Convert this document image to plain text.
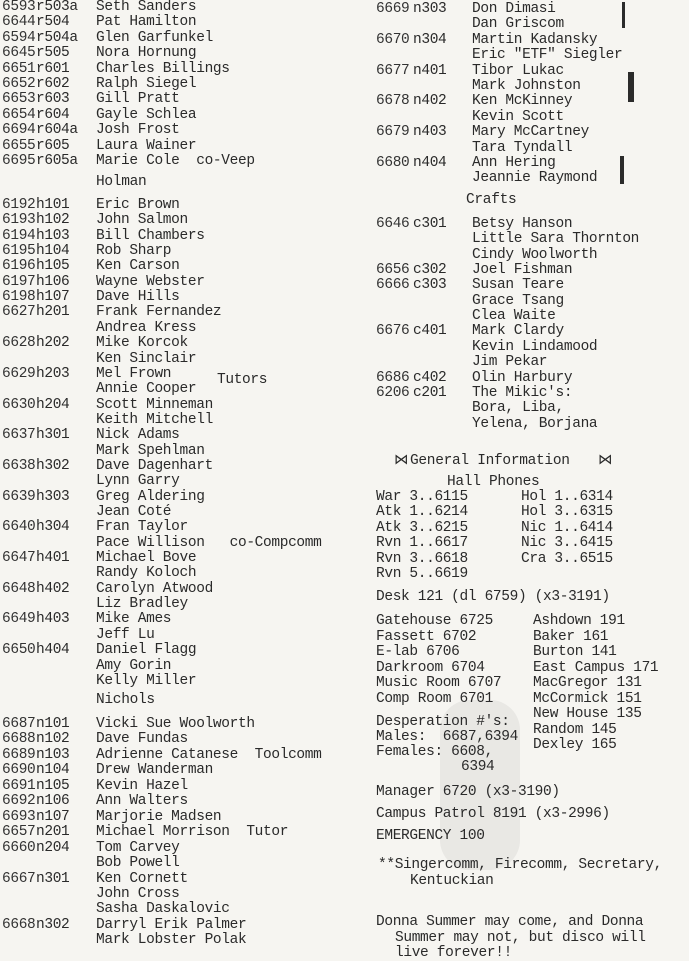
6593 r503a Seth Sanders
6644 r504 Pat Hamilton
6594 r504a Glen Garfunkel
6645 r505 Nora Hornung
6651 r601 Charles Billings
6652 r602 Ralph Siegel
6653 r603 Gill Pratt
6654 r604 Gayle Schlea
6694 r604a Josh Frost
6655 r605 Laura Wainer
6695 r605a Marie Cole  co-Veep
Holman
6192 h101 Eric Brown
6193 h102 John Salmon
6194 h103 Bill Chambers
6195 h104 Rob Sharp
6196 h105 Ken Carson
6197 h106 Wayne Webster
6198 h107 Dave Hills
6627 h201 Frank Fernandez
Andrea Kress
6628 h202 Mike Korcok
Ken Sinclair
6629 h203 Mel Frown
Annie Cooper
6630 h204 Scott Minneman
Keith Mitchell
6637 h301 Nick Adams
Mark Spehlman
6638 h302 Dave Dagenhart
Lynn Garry
6639 h303 Greg Aldering
Jean Coté
6640 h304 Fran Taylor
Pace Willison   co-Compcomm
6647 h401 Michael Bove
Randy Koloch
6648 h402 Carolyn Atwood
Liz Bradley
6649 h403 Mike Ames
Jeff Lu
6650 h404 Daniel Flagg
Amy Gorin
Kelly Miller
Tutors
Nichols
6687 n101 Vicki Sue Woolworth
6688 n102 Dave Fundas
6689 n103 Adrienne Catanese  Toolcomm
6690 n104 Drew Wanderman
6691 n105 Kevin Hazel
6692 n106 Ann Walters
6693 n107 Marjorie Madsen
6657 n201 Michael Morrison  Tutor
6660 n204 Tom Carvey
Bob Powell
6667 n301 Ken Cornett
John Cross
Sasha Daskalovic
6668 n302 Darryl Erik Palmer
Mark Lobster Polak
6669 n303 Don Dimasi
Dan Griscom
6670 n304 Martin Kadansky
Eric "ETF" Siegler
6677 n401 Tibor Lukac
Mark Johnston
6678 n402 Ken McKinney
Kevin Scott
6679 n403 Mary McCartney
Tara Tyndall
6680 n404 Ann Hering
Jeannie Raymond
Crafts
6646 c301 Betsy Hanson
Little Sara Thornton
Cindy Woolworth
6656 c302 Joel Fishman
6666 c303 Susan Teare
Grace Tsang
Clea Waite
6676 c401 Mark Clardy
Kevin Lindamood
Jim Pekar
6686 c402 Olin Harbury
6206 c201 The Mikic's:
Bora, Liba,
Yelena, Borjana
General Information
⋈	⋈
Hall Phones
War 3..6115
Atk 1..6214
Atk 3..6215
Rvn 1..6617
Rvn 3..6618
Rvn 5..6619
Hol 1..6314
Hol 3..6315
Nic 1..6414
Nic 3..6415
Cra 3..6515
Desk 121 (dl 6759) (x3-3191)
Gatehouse 6725
Fassett 6702
E-lab 6706
Darkroom 6704
Music Room 6707
Comp Room 6701
Ashdown 191
Baker 161
Burton 141
East Campus 171
MacGregor 131
McCormick 151
New House 135
Random 145
Dexley 165
Desperation #'s:
Males:  6687,6394
Females: 6608,
6394
Manager 6720 (x3-3190)
Campus Patrol 8191 (x3-2996)
EMERGENCY 100
**Singercomm, Firecomm, Secretary,
Kentuckian
Donna Summer may come, and Donna
Summer may not, but disco will
live forever!!
